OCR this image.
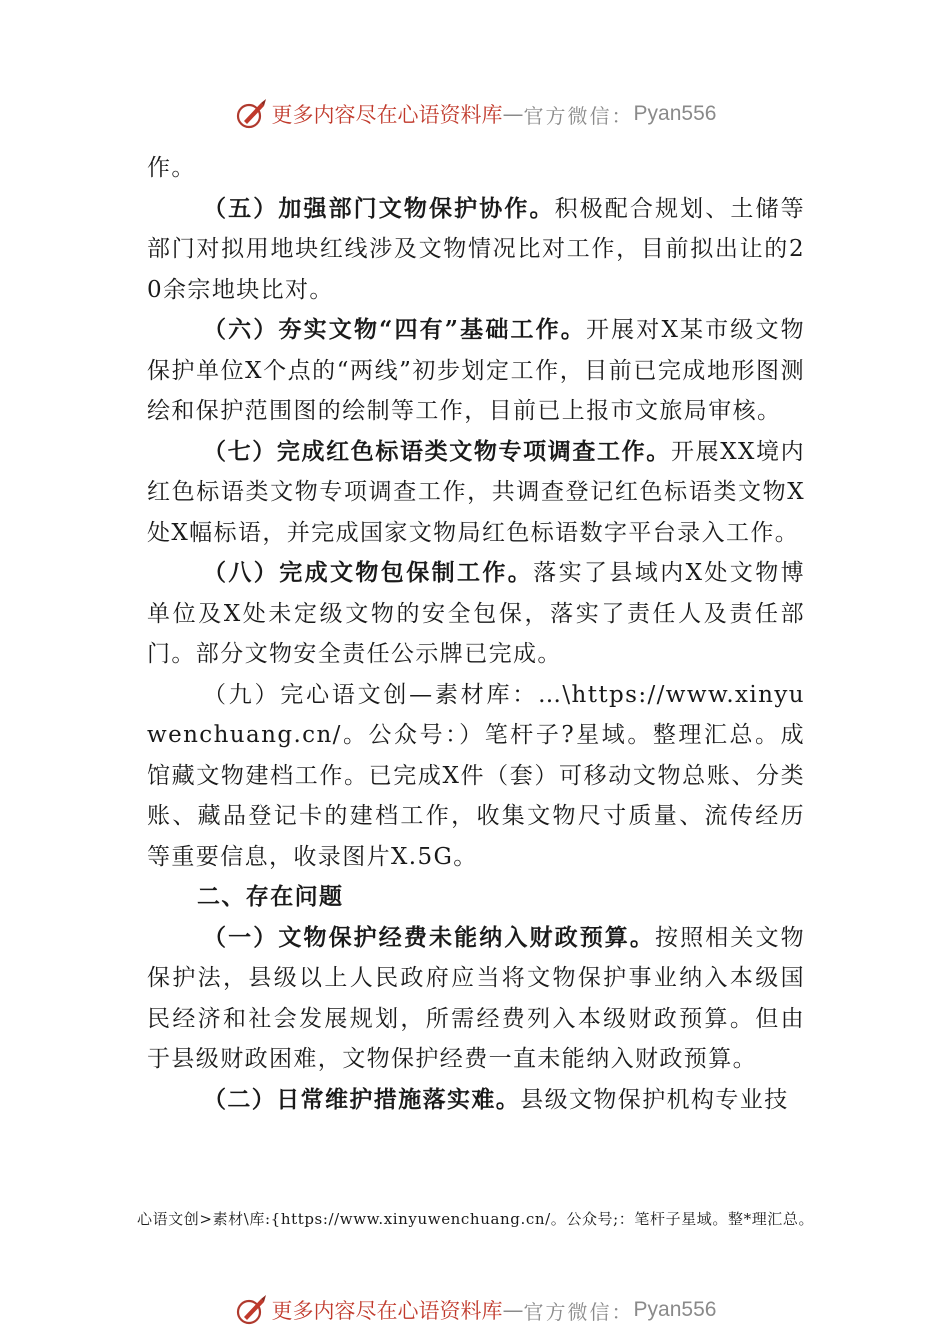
更多内容尽在心语资料库 — 官方微信： Pyan556

作。

（五）加强部门文物保护协作。积极配合规划、土储等部门对拟用地块红线涉及文物情况比对工作，目前拟出让的20余宗地块比对。

（六）夯实文物“四有”基础工作。开展对X某市级文物保护单位X个点的“两线”初步划定工作，目前已完成地形图测绘和保护范围图的绘制等工作，目前已上报市文旅局审核。

（七）完成红色标语类文物专项调查工作。开展XX境内红色标语类文物专项调查工作，共调查登记红色标语类文物X处X幅标语，并完成国家文物局红色标语数字平台录入工作。

（八）完成文物包保制工作。落实了县域内X处文物博单位及X处未定级文物的安全包保，落实了责任人及责任部门。部分文物安全责任公示牌已完成。

（九）完心语文创—素材库：…\https://www.xinyuwenchuang.cn/。公众号：）笔杆子?星域。整理汇总。成馆藏文物建档工作。已完成X件（套）可移动文物总账、分类账、藏品登记卡的建档工作，收集文物尺寸质量、流传经历等重要信息，收录图片X.5G。

二、存在问题

（一）文物保护经费未能纳入财政预算。按照相关文物保护法，县级以上人民政府应当将文物保护事业纳入本级国民经济和社会发展规划，所需经费列入本级财政预算。但由于县级财政困难，文物保护经费一直未能纳入财政预算。

（二）日常维护措施落实难。县级文物保护机构专业技

心语文创>素材\库:{https://www.xinyuwenchuang.cn/。公众号;：笔杆子星域。整*理汇总。
更多内容尽在心语资料库 — 官方微信： Pyan556
